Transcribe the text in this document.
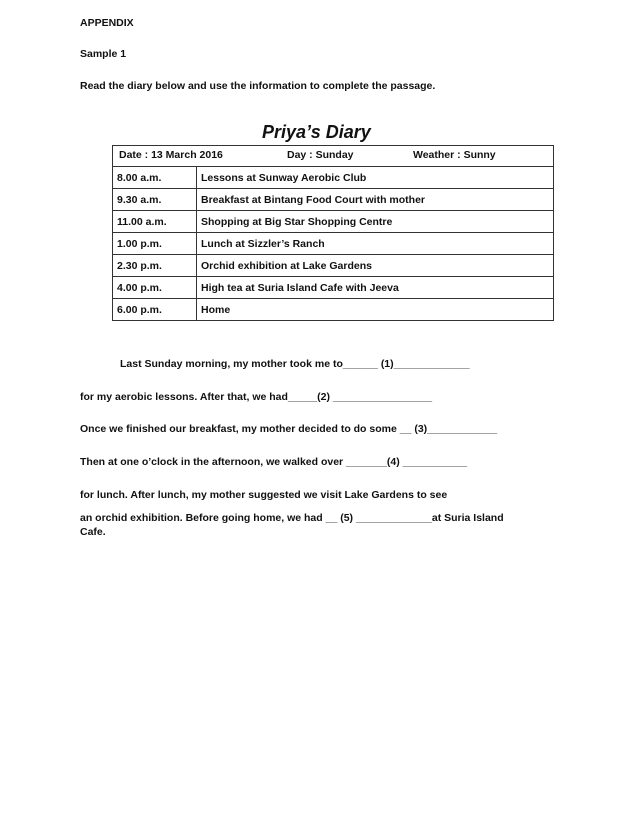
APPENDIX
Sample 1
Read the diary below and use the information to complete the passage.
Priya’s Diary
Date : 13 March 2016 Day : Sunday Weather : Sunny	

8.00 a.m.	Lessons at Sunway Aerobic Club
9.30 a.m.	Breakfast at Bintang Food Court with mother
11.00 a.m.	Shopping at Big Star Shopping Centre
1.00 p.m.	Lunch at Sizzler’s Ranch
2.30 p.m.	Orchid exhibition at Lake Gardens
4.00 p.m.	High tea at Suria Island Cafe with Jeeva
6.00 p.m.	Home
Last Sunday morning, my mother took me to______ (1)_____________
for my aerobic lessons. After that, we had_____(2) _________________
Once we finished our breakfast, my mother decided to do some __ (3)____________
Then at one o’clock in the afternoon, we walked over _______(4) ___________
for lunch. After lunch, my mother suggested we visit Lake Gardens to see
an orchid exhibition. Before going home, we had __ (5) _____________at Suria Island
Cafe.
